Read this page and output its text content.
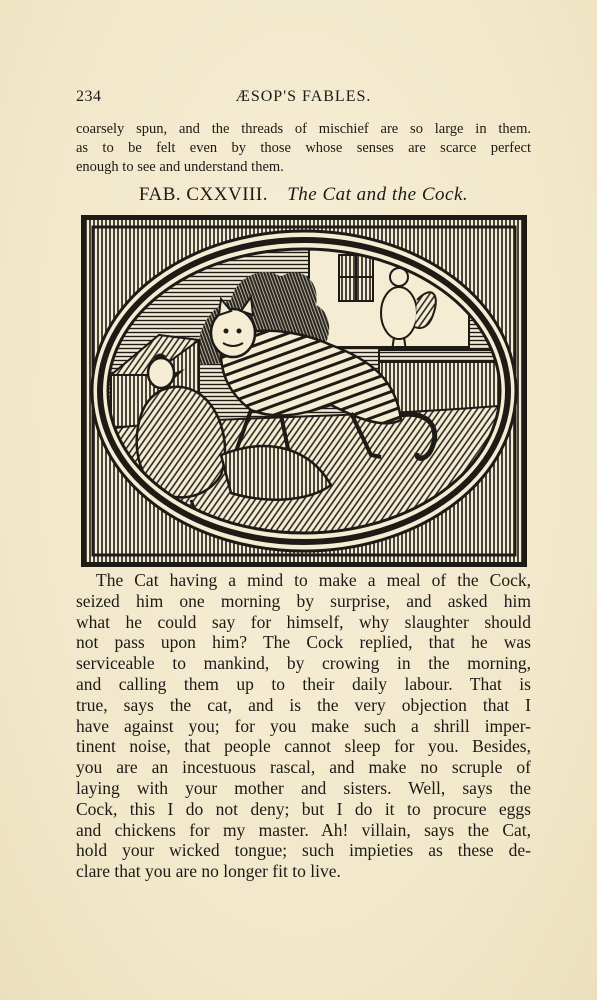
234	ÆSOP'S FABLES.
coarsely spun, and the threads of mischief are so large in them.
as to be felt even by those whose senses are scarce perfect
enough to see and understand them.
FAB. CXXVIII. The Cat and the Cock.
The Cat having a mind to make a meal of the Cock,
seized him one morning by surprise, and asked him
what he could say for himself, why slaughter should
not pass upon him? The Cock replied, that he was
serviceable to mankind, by crowing in the morning,
and calling them up to their daily labour. That is
true, says the cat, and is the very objection that I
have against you; for you make such a shrill imper-
tinent noise, that people cannot sleep for you. Besides,
you are an incestuous rascal, and make no scruple of
laying with your mother and sisters. Well, says the
Cock, this I do not deny; but I do it to procure eggs
and chickens for my master. Ah! villain, says the Cat,
hold your wicked tongue; such impieties as these de-
clare that you are no longer fit to live.
